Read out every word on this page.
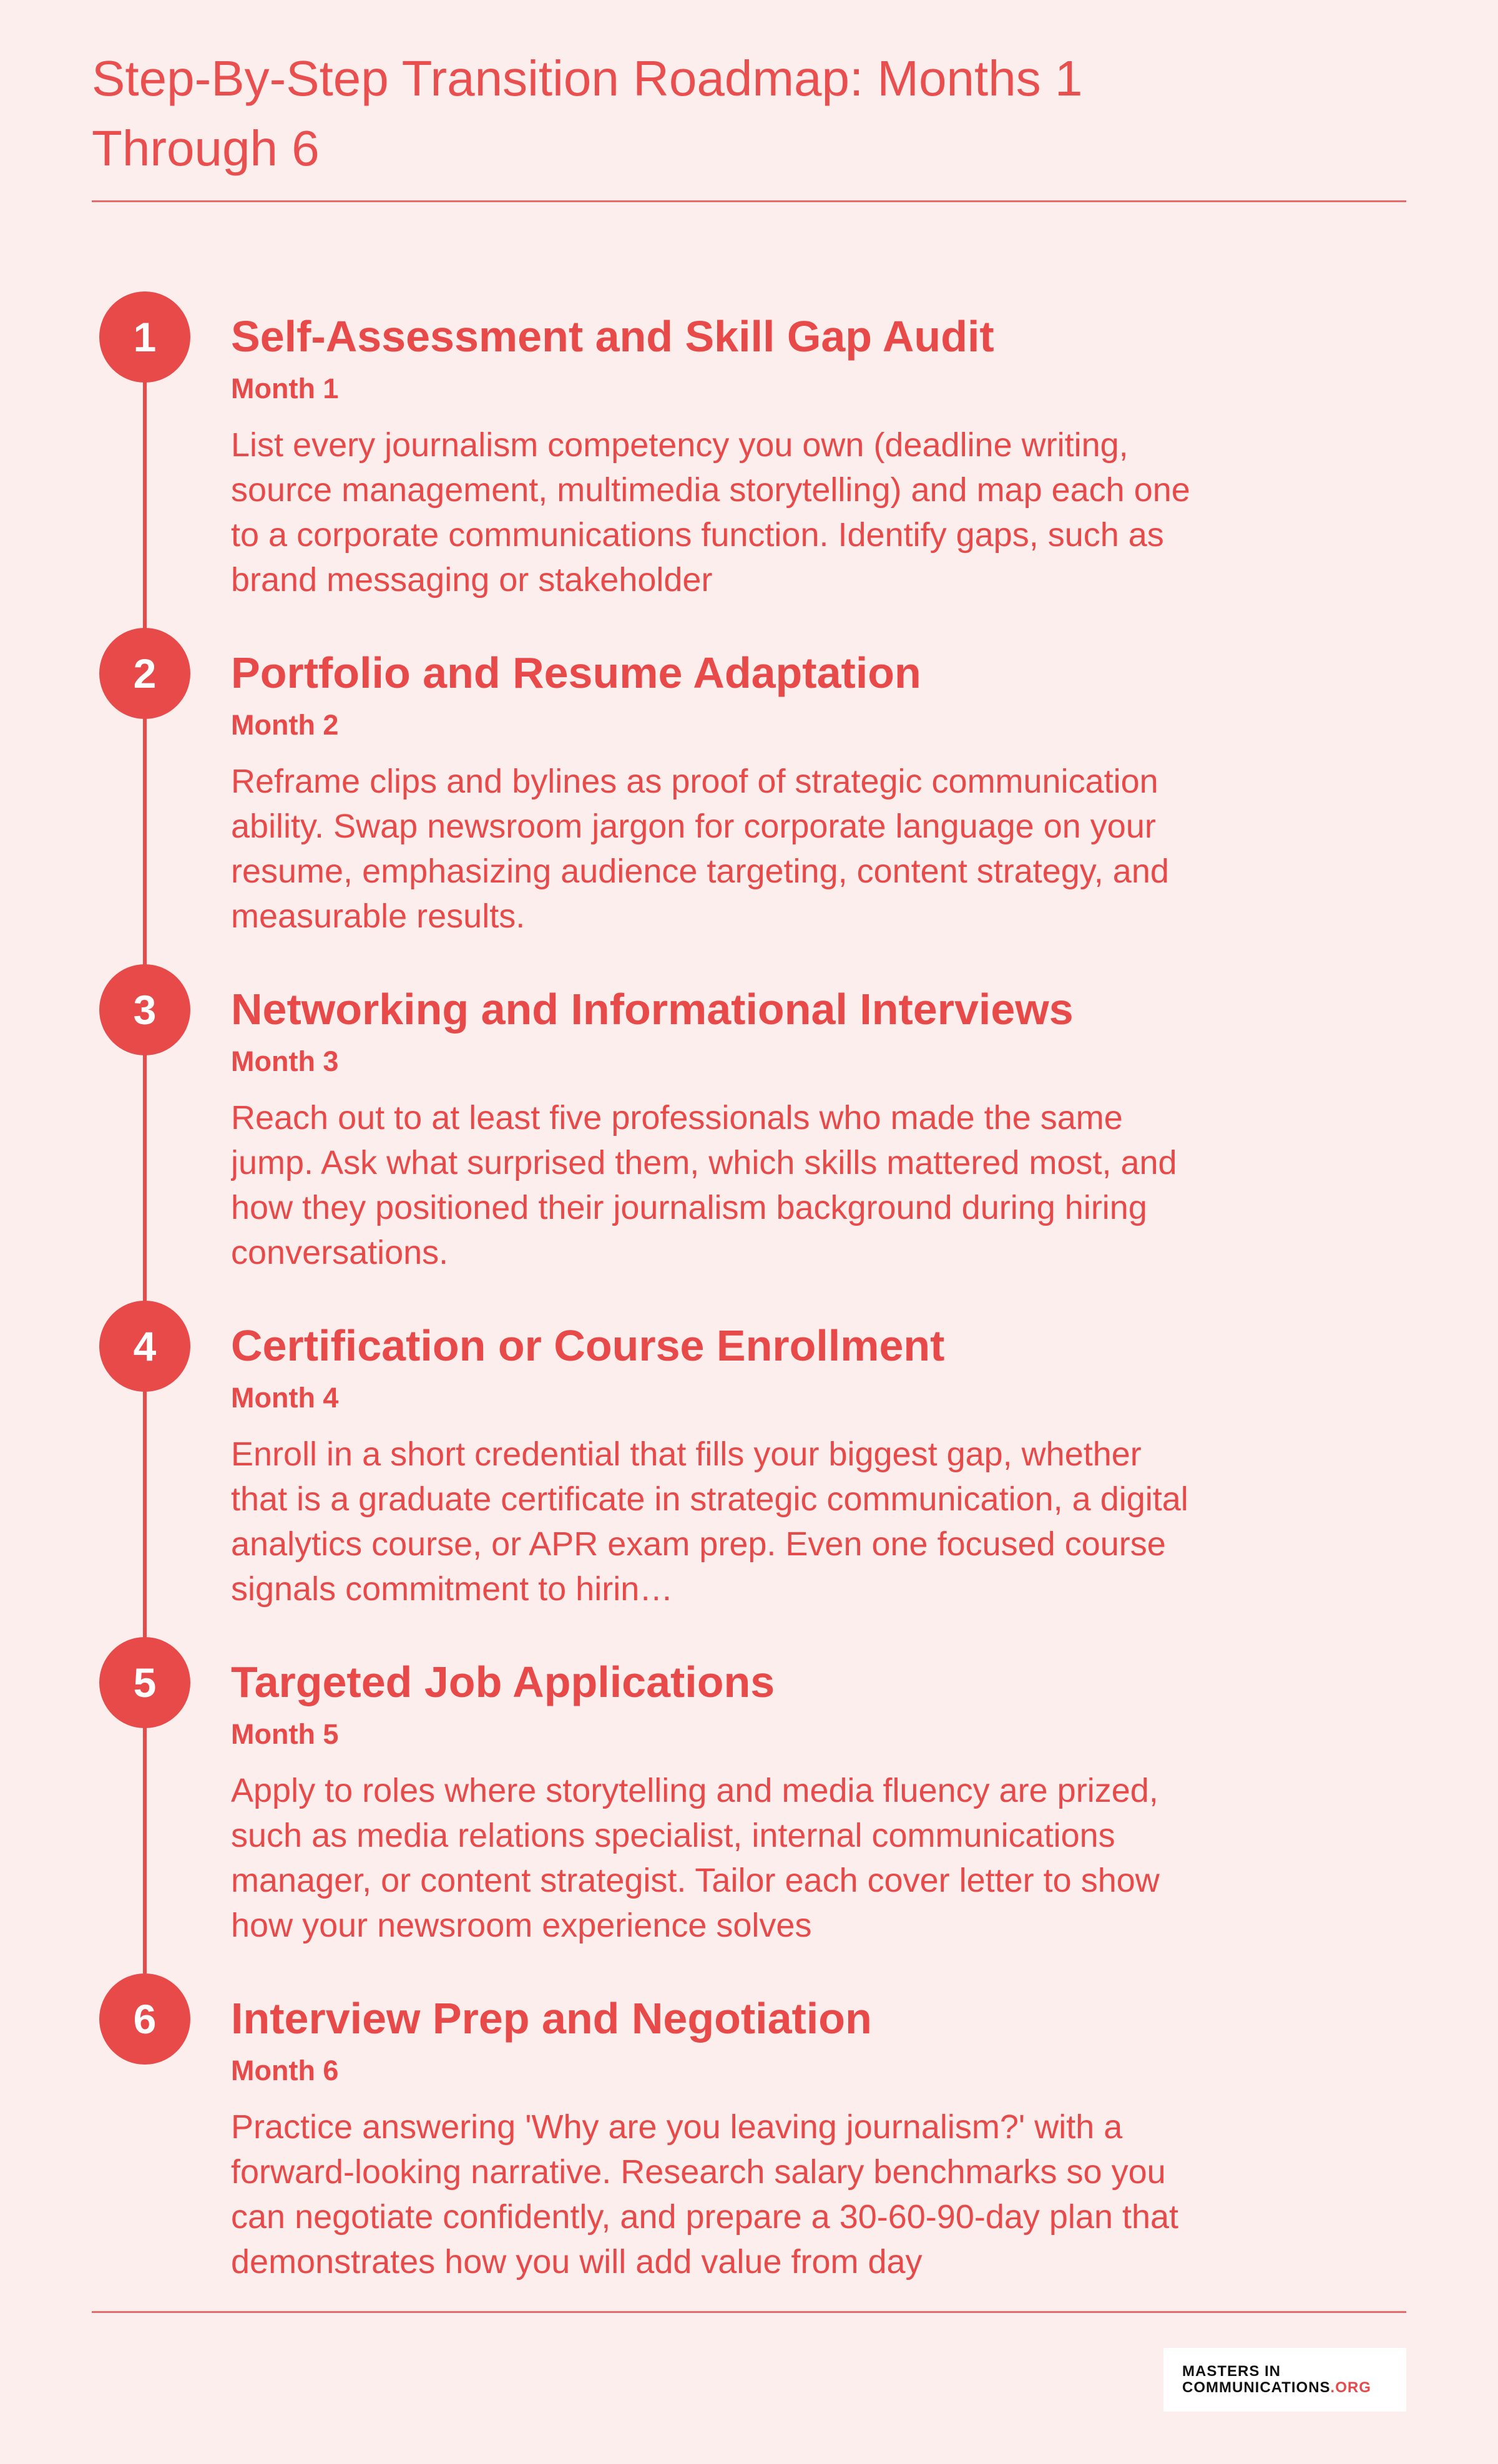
Step-By-Step Transition Roadmap: Months 1 Through 6
1	Self-Assessment and Skill Gap Audit
Month 1
List every journalism competency you own (deadline writing, source management, multimedia storytelling) and map each one to a corporate communications function. Identify gaps, such as brand messaging or stakeholder
2	Portfolio and Resume Adaptation
Month 2
Reframe clips and bylines as proof of strategic communication ability. Swap newsroom jargon for corporate language on your resume, emphasizing audience targeting, content strategy, and measurable results.
3	Networking and Informational Interviews
Month 3
Reach out to at least five professionals who made the same jump. Ask what surprised them, which skills mattered most, and how they positioned their journalism background during hiring conversations.
4	Certification or Course Enrollment
Month 4
Enroll in a short credential that fills your biggest gap, whether that is a graduate certificate in strategic communication, a digital analytics course, or APR exam prep. Even one focused course signals commitment to hirin…
5	Targeted Job Applications
Month 5
Apply to roles where storytelling and media fluency are prized, such as media relations specialist, internal communications manager, or content strategist. Tailor each cover letter to show how your newsroom experience solves
6	Interview Prep and Negotiation
Month 6
Practice answering 'Why are you leaving journalism?' with a forward-looking narrative. Research salary benchmarks so you can negotiate confidently, and prepare a 30-60-90-day plan that demonstrates how you will add value from day
MASTERS IN
COMMUNICATIONS.ORG
